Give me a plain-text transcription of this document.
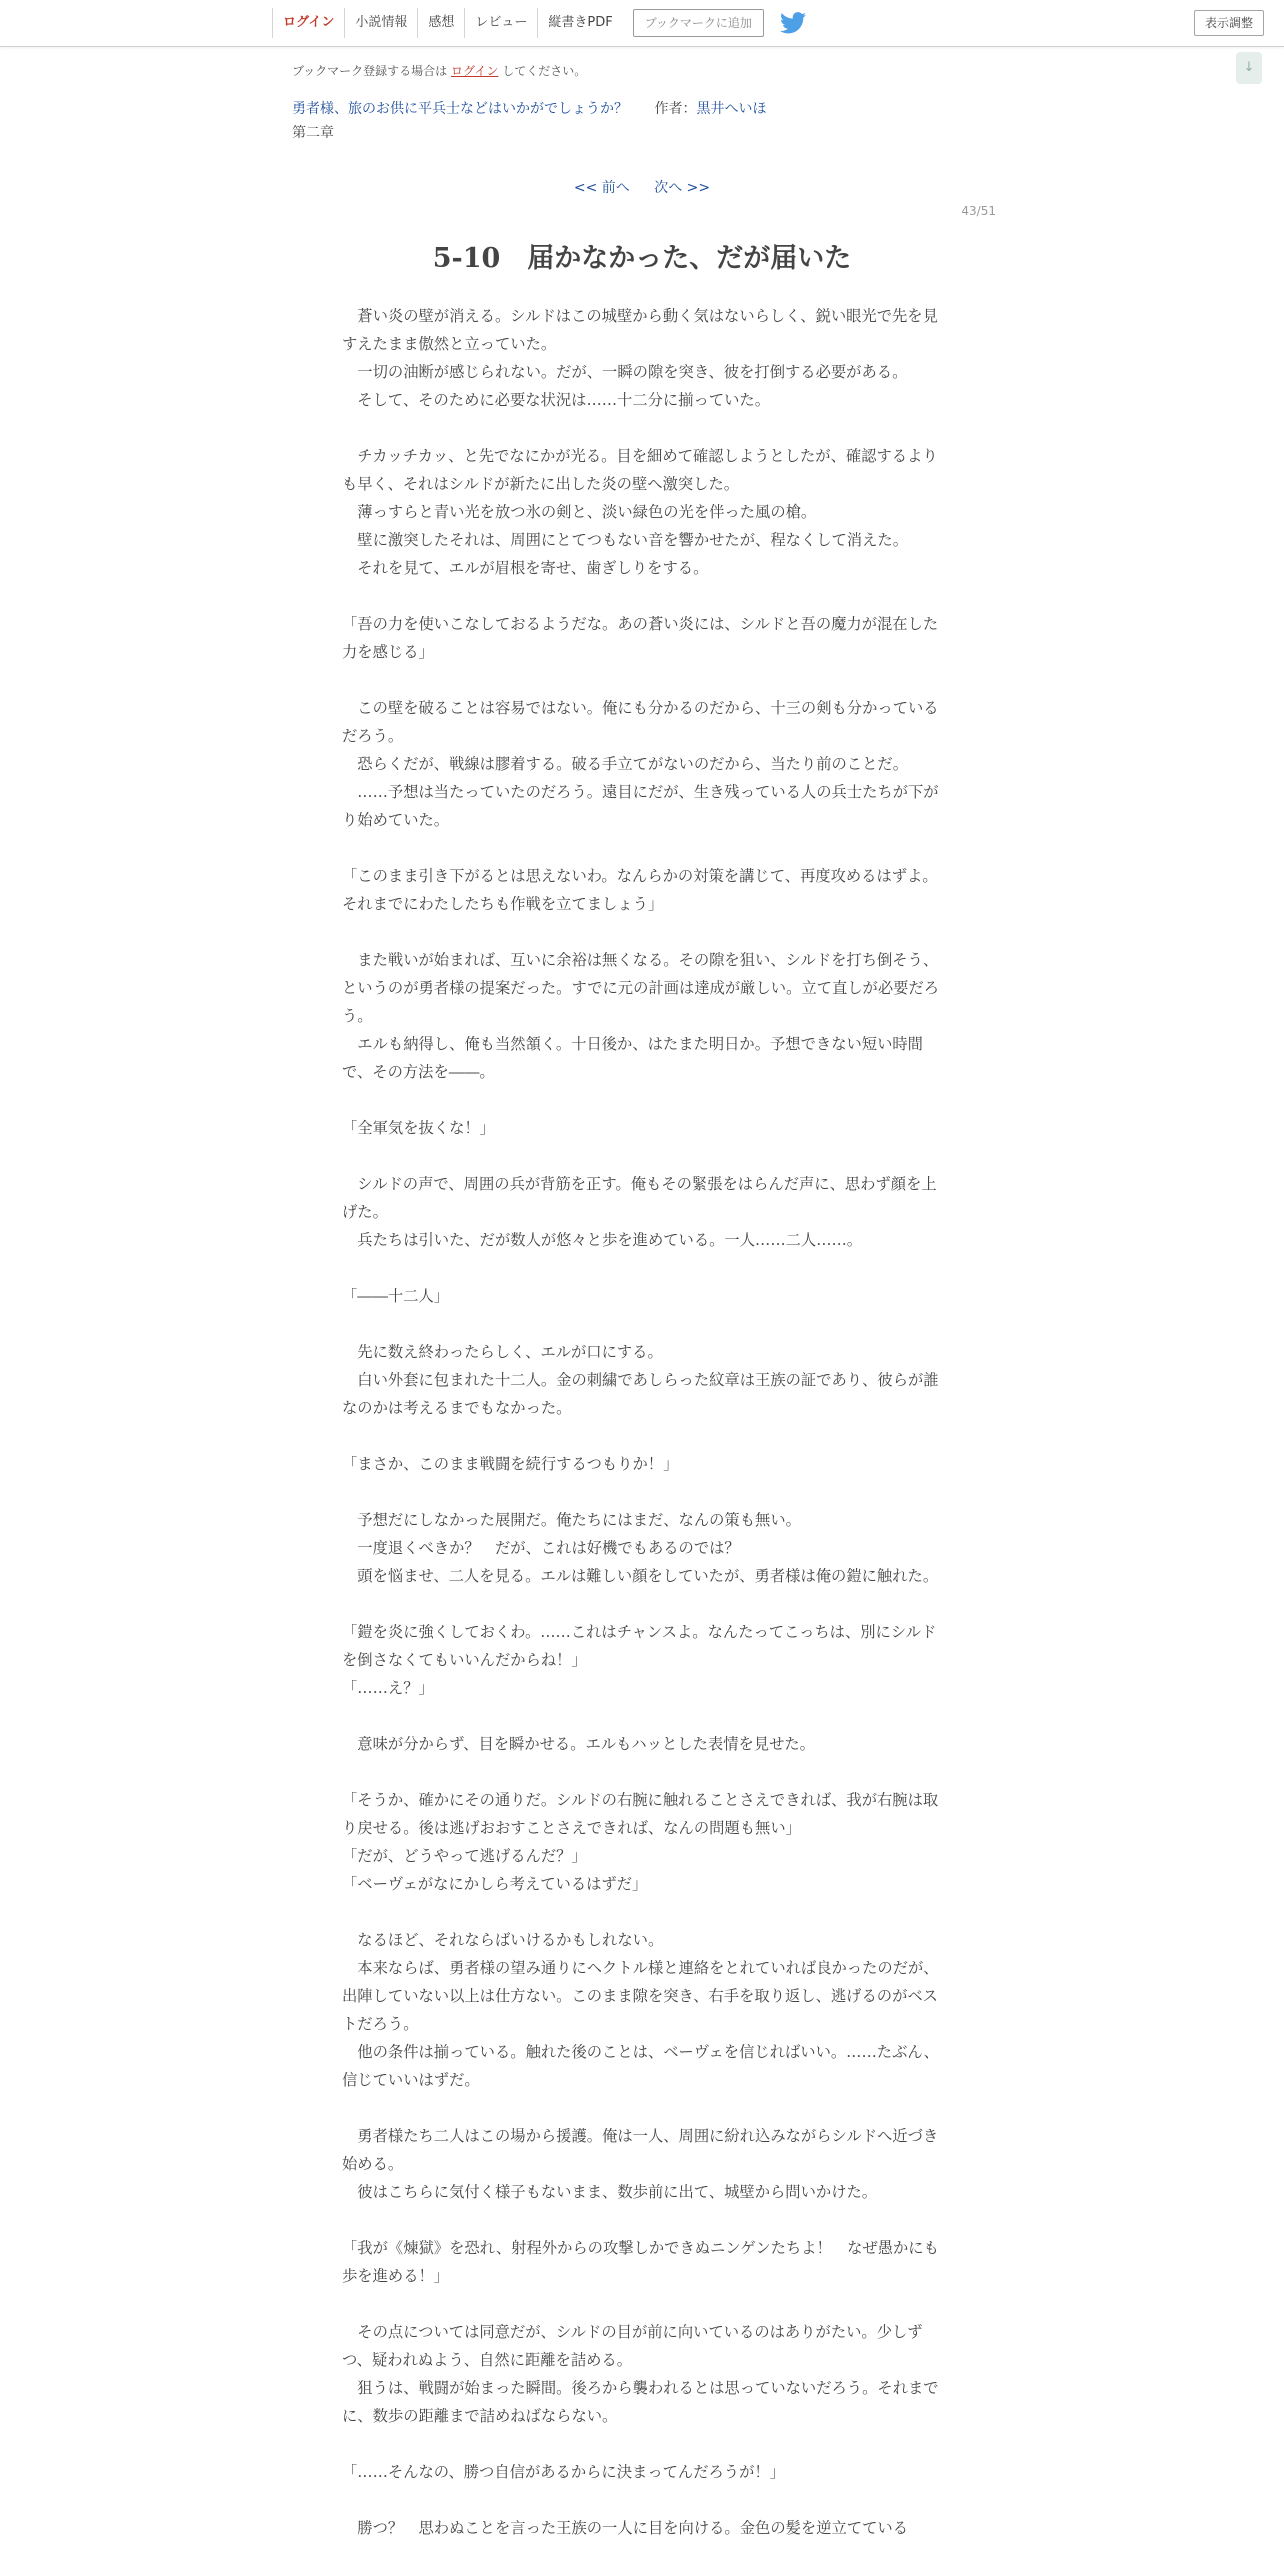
ログイン	小説情報	感想	レビュー	縦書きPDF	ブックマークに追加	表示調整
↓
ブックマーク登録する場合は ログイン してください。
勇者様、旅のお供に平兵士などはいかがでしょうか？ 作者：黒井へいほ
第二章
<< 前へ 次へ >>
43/51
5-10　届かなかった、だが届いた

　蒼い炎の壁が消える。シルドはこの城壁から動く気はないらしく、鋭い眼光で先を見すえたまま傲然と立っていた。

　一切の油断が感じられない。だが、一瞬の隙を突き、彼を打倒する必要がある。

　そして、そのために必要な状況は……十二分に揃っていた。

　チカッチカッ、と先でなにかが光る。目を細めて確認しようとしたが、確認するよりも早く、それはシルドが新たに出した炎の壁へ激突した。

　薄っすらと青い光を放つ氷の剣と、淡い緑色の光を伴った風の槍。

　壁に激突したそれは、周囲にとてつもない音を響かせたが、程なくして消えた。

　それを見て、エルが眉根を寄せ、歯ぎしりをする。

「吾の力を使いこなしておるようだな。あの蒼い炎には、シルドと吾の魔力が混在した力を感じる」

　この壁を破ることは容易ではない。俺にも分かるのだから、十三の剣も分かっているだろう。

　恐らくだが、戦線は膠着する。破る手立てがないのだから、当たり前のことだ。

　……予想は当たっていたのだろう。遠目にだが、生き残っている人の兵士たちが下がり始めていた。

「このまま引き下がるとは思えないわ。なんらかの対策を講じて、再度攻めるはずよ。それまでにわたしたちも作戦を立てましょう」

　また戦いが始まれば、互いに余裕は無くなる。その隙を狙い、シルドを打ち倒そう、というのが勇者様の提案だった。すでに元の計画は達成が厳しい。立て直しが必要だろう。

　エルも納得し、俺も当然頷く。十日後か、はたまた明日か。予想できない短い時間で、その方法を――。

「全軍気を抜くな！」

　シルドの声で、周囲の兵が背筋を正す。俺もその緊張をはらんだ声に、思わず顔を上げた。

　兵たちは引いた、だが数人が悠々と歩を進めている。一人……二人……。

「――十二人」

　先に数え終わったらしく、エルが口にする。

　白い外套に包まれた十二人。金の刺繍であしらった紋章は王族の証であり、彼らが誰なのかは考えるまでもなかった。

「まさか、このまま戦闘を続行するつもりか！」

　予想だにしなかった展開だ。俺たちにはまだ、なんの策も無い。

　一度退くべきか？　だが、これは好機でもあるのでは？

　頭を悩ませ、二人を見る。エルは難しい顔をしていたが、勇者様は俺の鎧に触れた。

「鎧を炎に強くしておくわ。……これはチャンスよ。なんたってこっちは、別にシルドを倒さなくてもいいんだからね！」

「……え？」

　意味が分からず、目を瞬かせる。エルもハッとした表情を見せた。

「そうか、確かにその通りだ。シルドの右腕に触れることさえできれば、我が右腕は取り戻せる。後は逃げおおすことさえできれば、なんの問題も無い」

「だが、どうやって逃げるんだ？」

「ベーヴェがなにかしら考えているはずだ」

　なるほど、それならばいけるかもしれない。

　本来ならば、勇者様の望み通りにヘクトル様と連絡をとれていれば良かったのだが、出陣していない以上は仕方ない。このまま隙を突き、右手を取り返し、逃げるのがベストだろう。

　他の条件は揃っている。触れた後のことは、ベーヴェを信じればいい。……たぶん、信じていいはずだ。

　勇者様たち二人はこの場から援護。俺は一人、周囲に紛れ込みながらシルドへ近づき始める。

　彼はこちらに気付く様子もないまま、数歩前に出て、城壁から問いかけた。

「我が《煉獄》を恐れ、射程外からの攻撃しかできぬニンゲンたちよ！　なぜ愚かにも歩を進める！」

　その点については同意だが、シルドの目が前に向いているのはありがたい。少しずつ、疑われぬよう、自然に距離を詰める。

　狙うは、戦闘が始まった瞬間。後ろから襲われるとは思っていないだろう。それまでに、数歩の距離まで詰めねばならない。

「……そんなの、勝つ自信があるからに決まってんだろうが！」

　勝つ？　思わぬことを言った王族の一人に目を向ける。金色の髪を逆立てている
